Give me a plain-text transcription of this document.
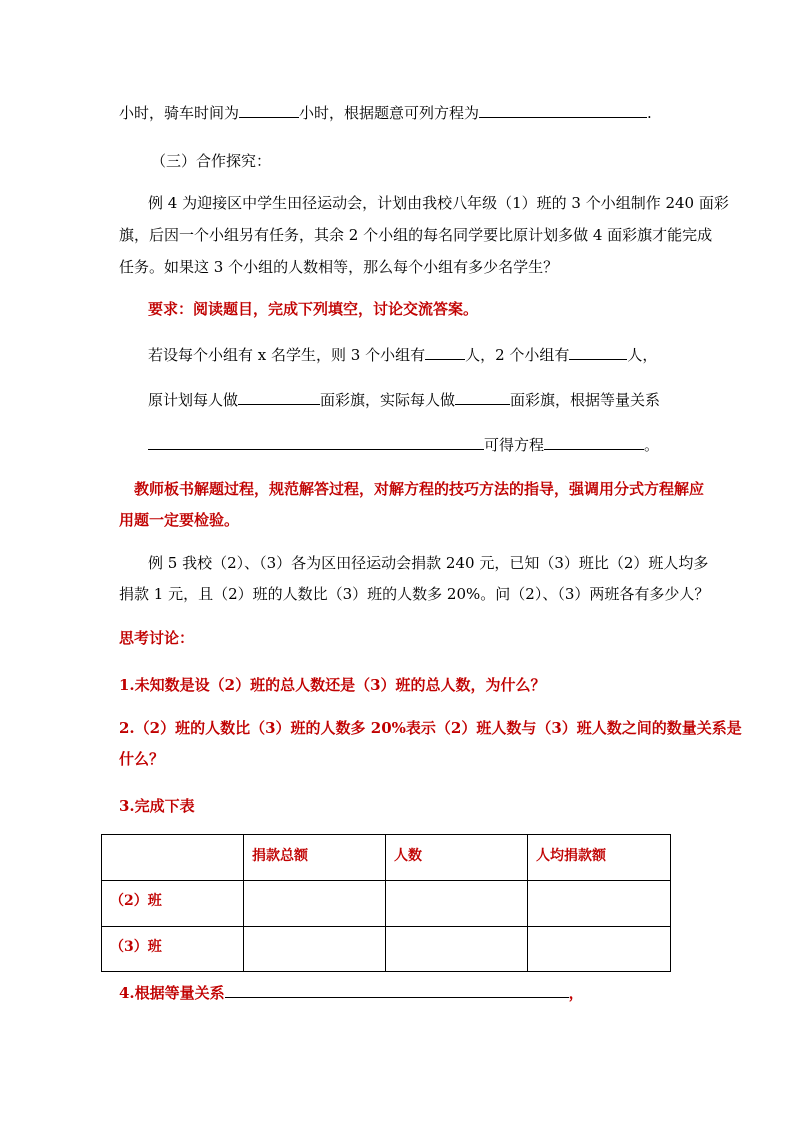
小时，骑车时间为	小时，根据题意可列方程为	.
（三）合作探究：
例 4 为迎接区中学生田径运动会，计划由我校八年级（1）班的 3 个小组制作 240 面彩
旗，后因一个小组另有任务，其余 2 个小组的每名同学要比原计划多做 4 面彩旗才能完成
任务。如果这 3 个小组的人数相等，那么每个小组有多少名学生？
要求：阅读题目，完成下列填空，讨论交流答案。
若设每个小组有 x 名学生，则 3 个小组有	人，2 个小组有	人，
原计划每人做	面彩旗，实际每人做	面彩旗，根据等量关系
可得方程	。
教师板书解题过程，规范解答过程，对解方程的技巧方法的指导，强调用分式方程解应
用题一定要检验。
例 5 我校（2）、（3）各为区田径运动会捐款 240 元，已知（3）班比（2）班人均多
捐款 1 元，且（2）班的人数比（3）班的人数多 20%。问（2）、（3）两班各有多少人？
思考讨论：
1.未知数是设（2）班的总人数还是（3）班的总人数，为什么？
2.（2）班的人数比（3）班的人数多 20%表示（2）班人数与（3）班人数之间的数量关系是
什么？
3.完成下表
	捐款总额	人数	人均捐款额
（2）班			
（3）班			
4.根据等量关系	，
